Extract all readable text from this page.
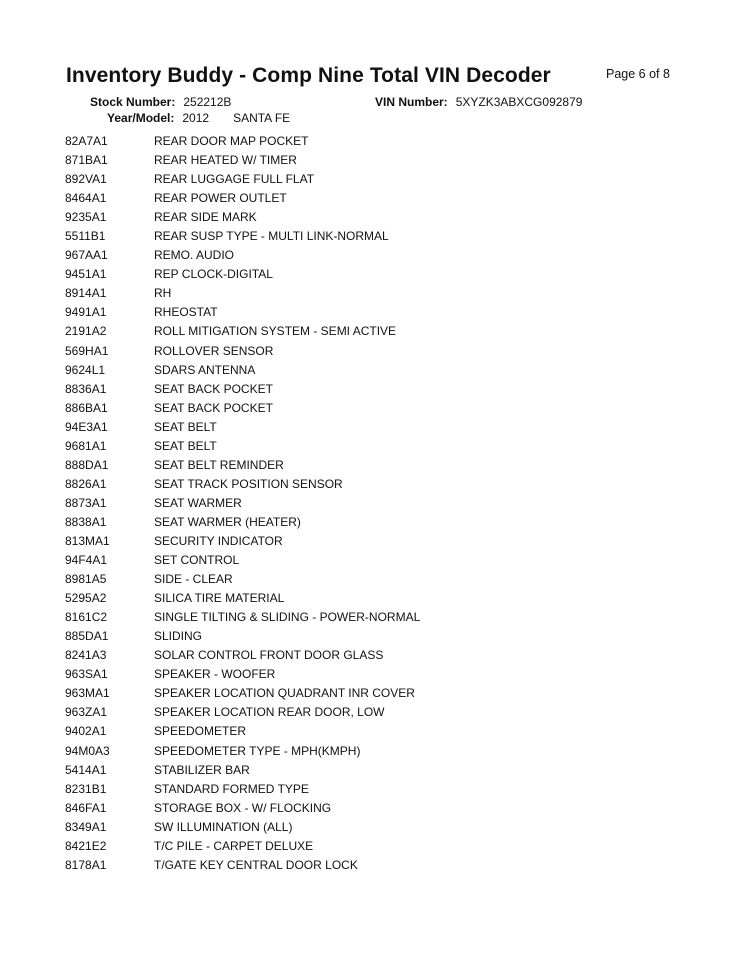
Inventory Buddy - Comp Nine Total VIN Decoder	Page 6 of 8
Stock Number: 252212B	VIN Number: 5XYZK3ABXCG092879
Year/Model: 2012 SANTA FE
82A7A1	REAR DOOR MAP POCKET
871BA1	REAR HEATED W/ TIMER
892VA1	REAR LUGGAGE FULL FLAT
8464A1	REAR POWER OUTLET
9235A1	REAR SIDE MARK
5511B1	REAR SUSP TYPE - MULTI LINK-NORMAL
967AA1	REMO. AUDIO
9451A1	REP CLOCK-DIGITAL
8914A1	RH
9491A1	RHEOSTAT
2191A2	ROLL MITIGATION SYSTEM - SEMI ACTIVE
569HA1	ROLLOVER SENSOR
9624L1	SDARS ANTENNA
8836A1	SEAT BACK POCKET
886BA1	SEAT BACK POCKET
94E3A1	SEAT BELT
9681A1	SEAT BELT
888DA1	SEAT BELT REMINDER
8826A1	SEAT TRACK POSITION SENSOR
8873A1	SEAT WARMER
8838A1	SEAT WARMER (HEATER)
813MA1	SECURITY INDICATOR
94F4A1	SET CONTROL
8981A5	SIDE - CLEAR
5295A2	SILICA TIRE MATERIAL
8161C2	SINGLE TILTING & SLIDING - POWER-NORMAL
885DA1	SLIDING
8241A3	SOLAR CONTROL FRONT DOOR GLASS
963SA1	SPEAKER - WOOFER
963MA1	SPEAKER LOCATION QUADRANT INR COVER
963ZA1	SPEAKER LOCATION REAR DOOR, LOW
9402A1	SPEEDOMETER
94M0A3	SPEEDOMETER TYPE - MPH(KMPH)
5414A1	STABILIZER BAR
8231B1	STANDARD FORMED TYPE
846FA1	STORAGE BOX - W/ FLOCKING
8349A1	SW ILLUMINATION (ALL)
8421E2	T/C PILE - CARPET DELUXE
8178A1	T/GATE KEY CENTRAL DOOR LOCK
